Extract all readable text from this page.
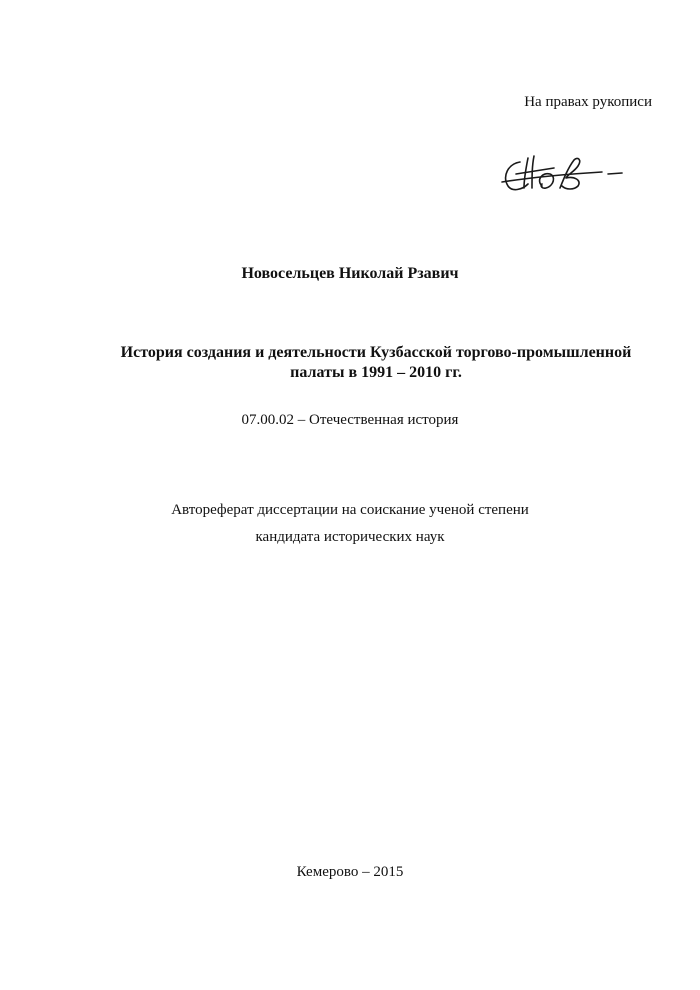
На правах рукописи
Новосельцев Николай Рзавич
История создания и деятельности Кузбасской торгово-промышленной
палаты в 1991 – 2010 гг.
07.00.02 – Отечественная история
Автореферат диссертации на соискание ученой степени
кандидата исторических наук
Кемерово – 2015
